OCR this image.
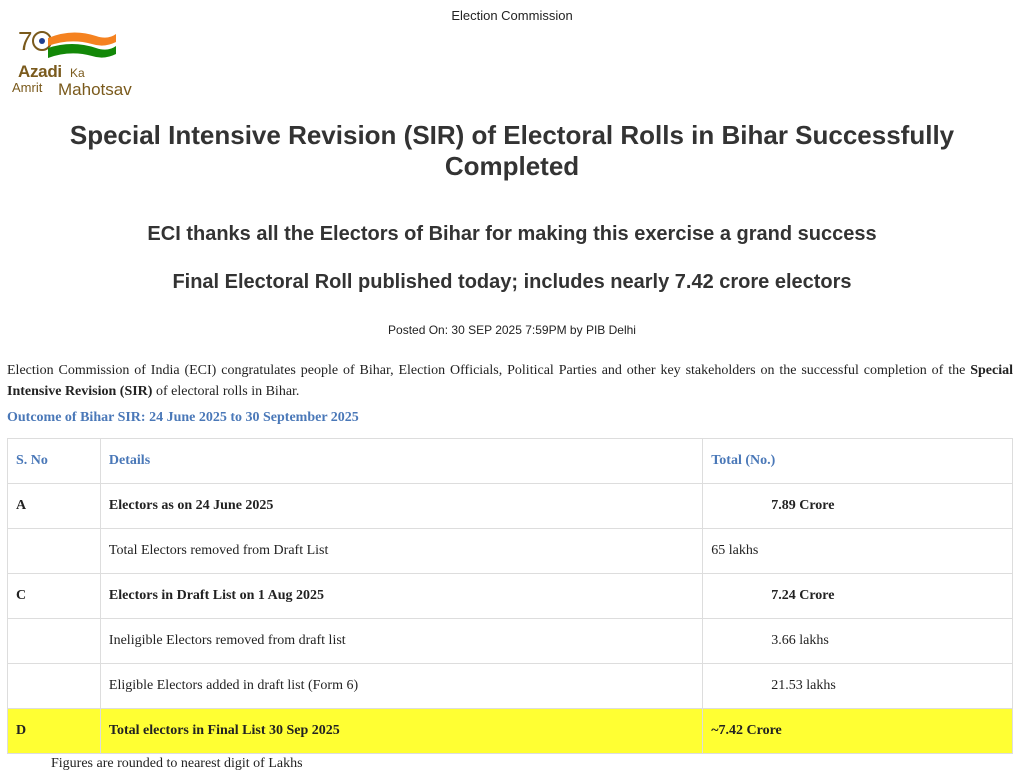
Election Commission
7
Azadi Ka
Amrit Mahotsav
Special Intensive Revision (SIR) of Electoral Rolls in Bihar Successfully Completed
ECI thanks all the Electors of Bihar for making this exercise a grand success
Final Electoral Roll published today; includes nearly 7.42 crore electors
Posted On: 30 SEP 2025 7:59PM by PIB Delhi

Election Commission of India (ECI) congratulates people of Bihar, Election Officials, Political Parties and other key stakeholders on the successful completion of the Special Intensive Revision (SIR) of electoral rolls in Bihar.

Outcome of Bihar SIR: 24 June 2025 to 30 September 2025
S. No	Details	Total (No.)
A	Electors as on 24 June 2025	7.89 Crore
	Total Electors removed from Draft List	65 lakhs
C	Electors in Draft List on 1 Aug 2025	7.24 Crore
	Ineligible Electors removed from draft list	3.66 lakhs
	Eligible Electors added in draft list (Form 6)	21.53 lakhs
D	Total electors in Final List 30 Sep 2025	~7.42 Crore
Figures are rounded to nearest digit of Lakhs
